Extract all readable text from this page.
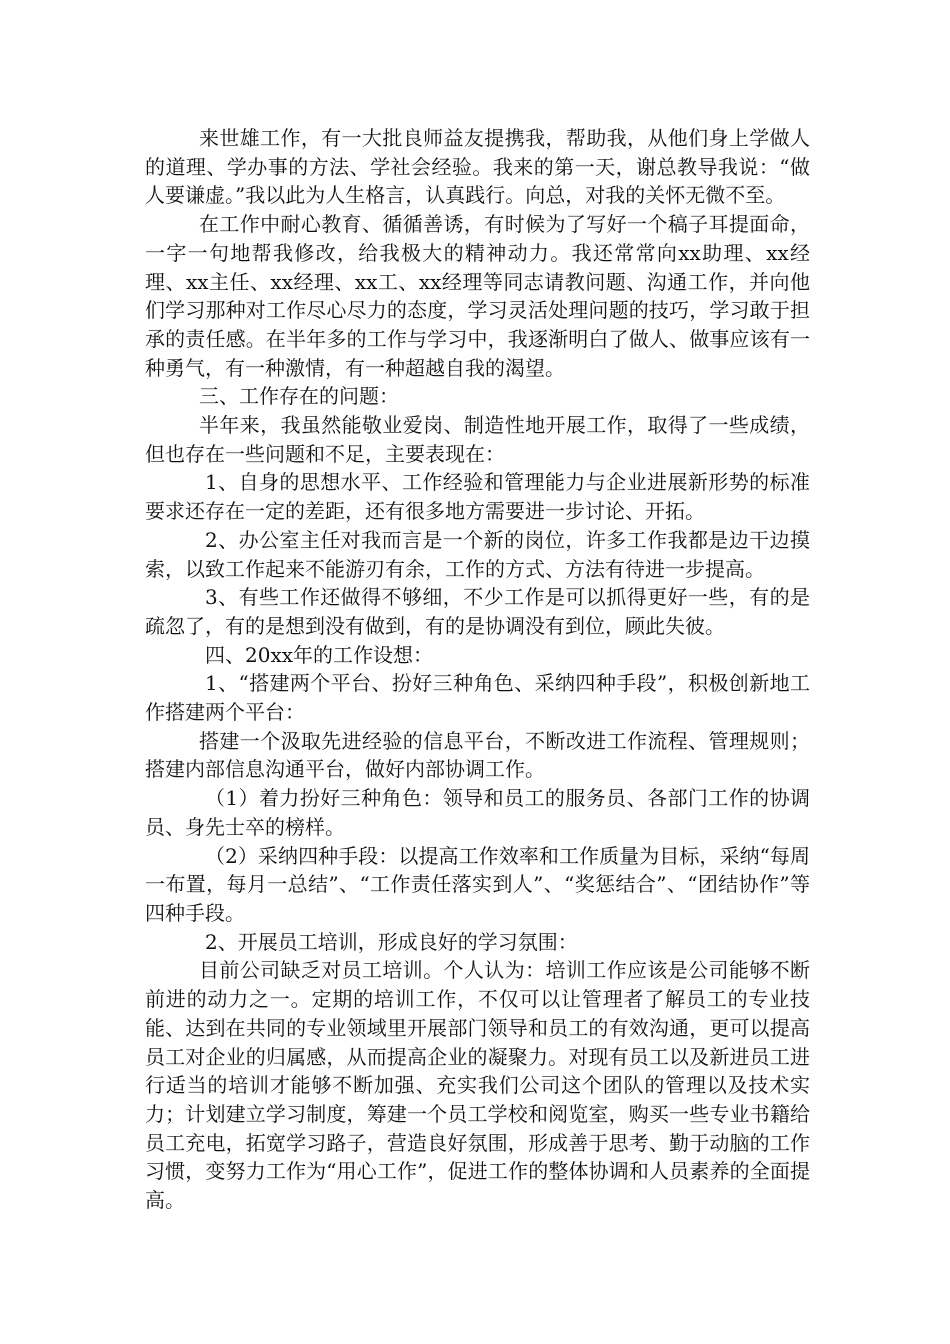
来世雄工作，有一大批良师益友提携我，帮助我，从他们身上学做人的道理、学办事的方法、学社会经验。我来的第一天，谢总教导我说：“做人要谦虚。”我以此为人生格言，认真践行。向总，对我的关怀无微不至。

在工作中耐心教育、循循善诱，有时候为了写好一个稿子耳提面命，一字一句地帮我修改，给我极大的精神动力。我还常常向xx助理、xx经理、xx主任、xx经理、xx工、xx经理等同志请教问题、沟通工作，并向他们学习那种对工作尽心尽力的态度，学习灵活处理问题的技巧，学习敢于担承的责任感。在半年多的工作与学习中，我逐渐明白了做人、做事应该有一种勇气，有一种激情，有一种超越自我的渴望。

三、工作存在的问题：

半年来，我虽然能敬业爱岗、制造性地开展工作，取得了一些成绩，但也存在一些问题和不足，主要表现在：

1、自身的思想水平、工作经验和管理能力与企业进展新形势的标准要求还存在一定的差距，还有很多地方需要进一步讨论、开拓。

2、办公室主任对我而言是一个新的岗位，许多工作我都是边干边摸索，以致工作起来不能游刃有余，工作的方式、方法有待进一步提高。

3、有些工作还做得不够细，不少工作是可以抓得更好一些，有的是疏忽了，有的是想到没有做到，有的是协调没有到位，顾此失彼。

四、20xx年的工作设想：

1、“搭建两个平台、扮好三种角色、采纳四种手段”，积极创新地工作搭建两个平台：

搭建一个汲取先进经验的信息平台，不断改进工作流程、管理规则；搭建内部信息沟通平台，做好内部协调工作。

（1）着力扮好三种角色：领导和员工的服务员、各部门工作的协调员、身先士卒的榜样。

（2）采纳四种手段：以提高工作效率和工作质量为目标，采纳“每周一布置，每月一总结”、“工作责任落实到人”、“奖惩结合”、“团结协作”等四种手段。

2、开展员工培训，形成良好的学习氛围：

目前公司缺乏对员工培训。个人认为：培训工作应该是公司能够不断前进的动力之一。定期的培训工作，不仅可以让管理者了解员工的专业技能、达到在共同的专业领域里开展部门领导和员工的有效沟通，更可以提高员工对企业的归属感，从而提高企业的凝聚力。对现有员工以及新进员工进行适当的培训才能够不断加强、充实我们公司这个团队的管理以及技术实力；计划建立学习制度，筹建一个员工学校和阅览室，购买一些专业书籍给员工充电，拓宽学习路子，营造良好氛围，形成善于思考、勤于动脑的工作习惯，变努力工作为“用心工作”，促进工作的整体协调和人员素养的全面提高。
